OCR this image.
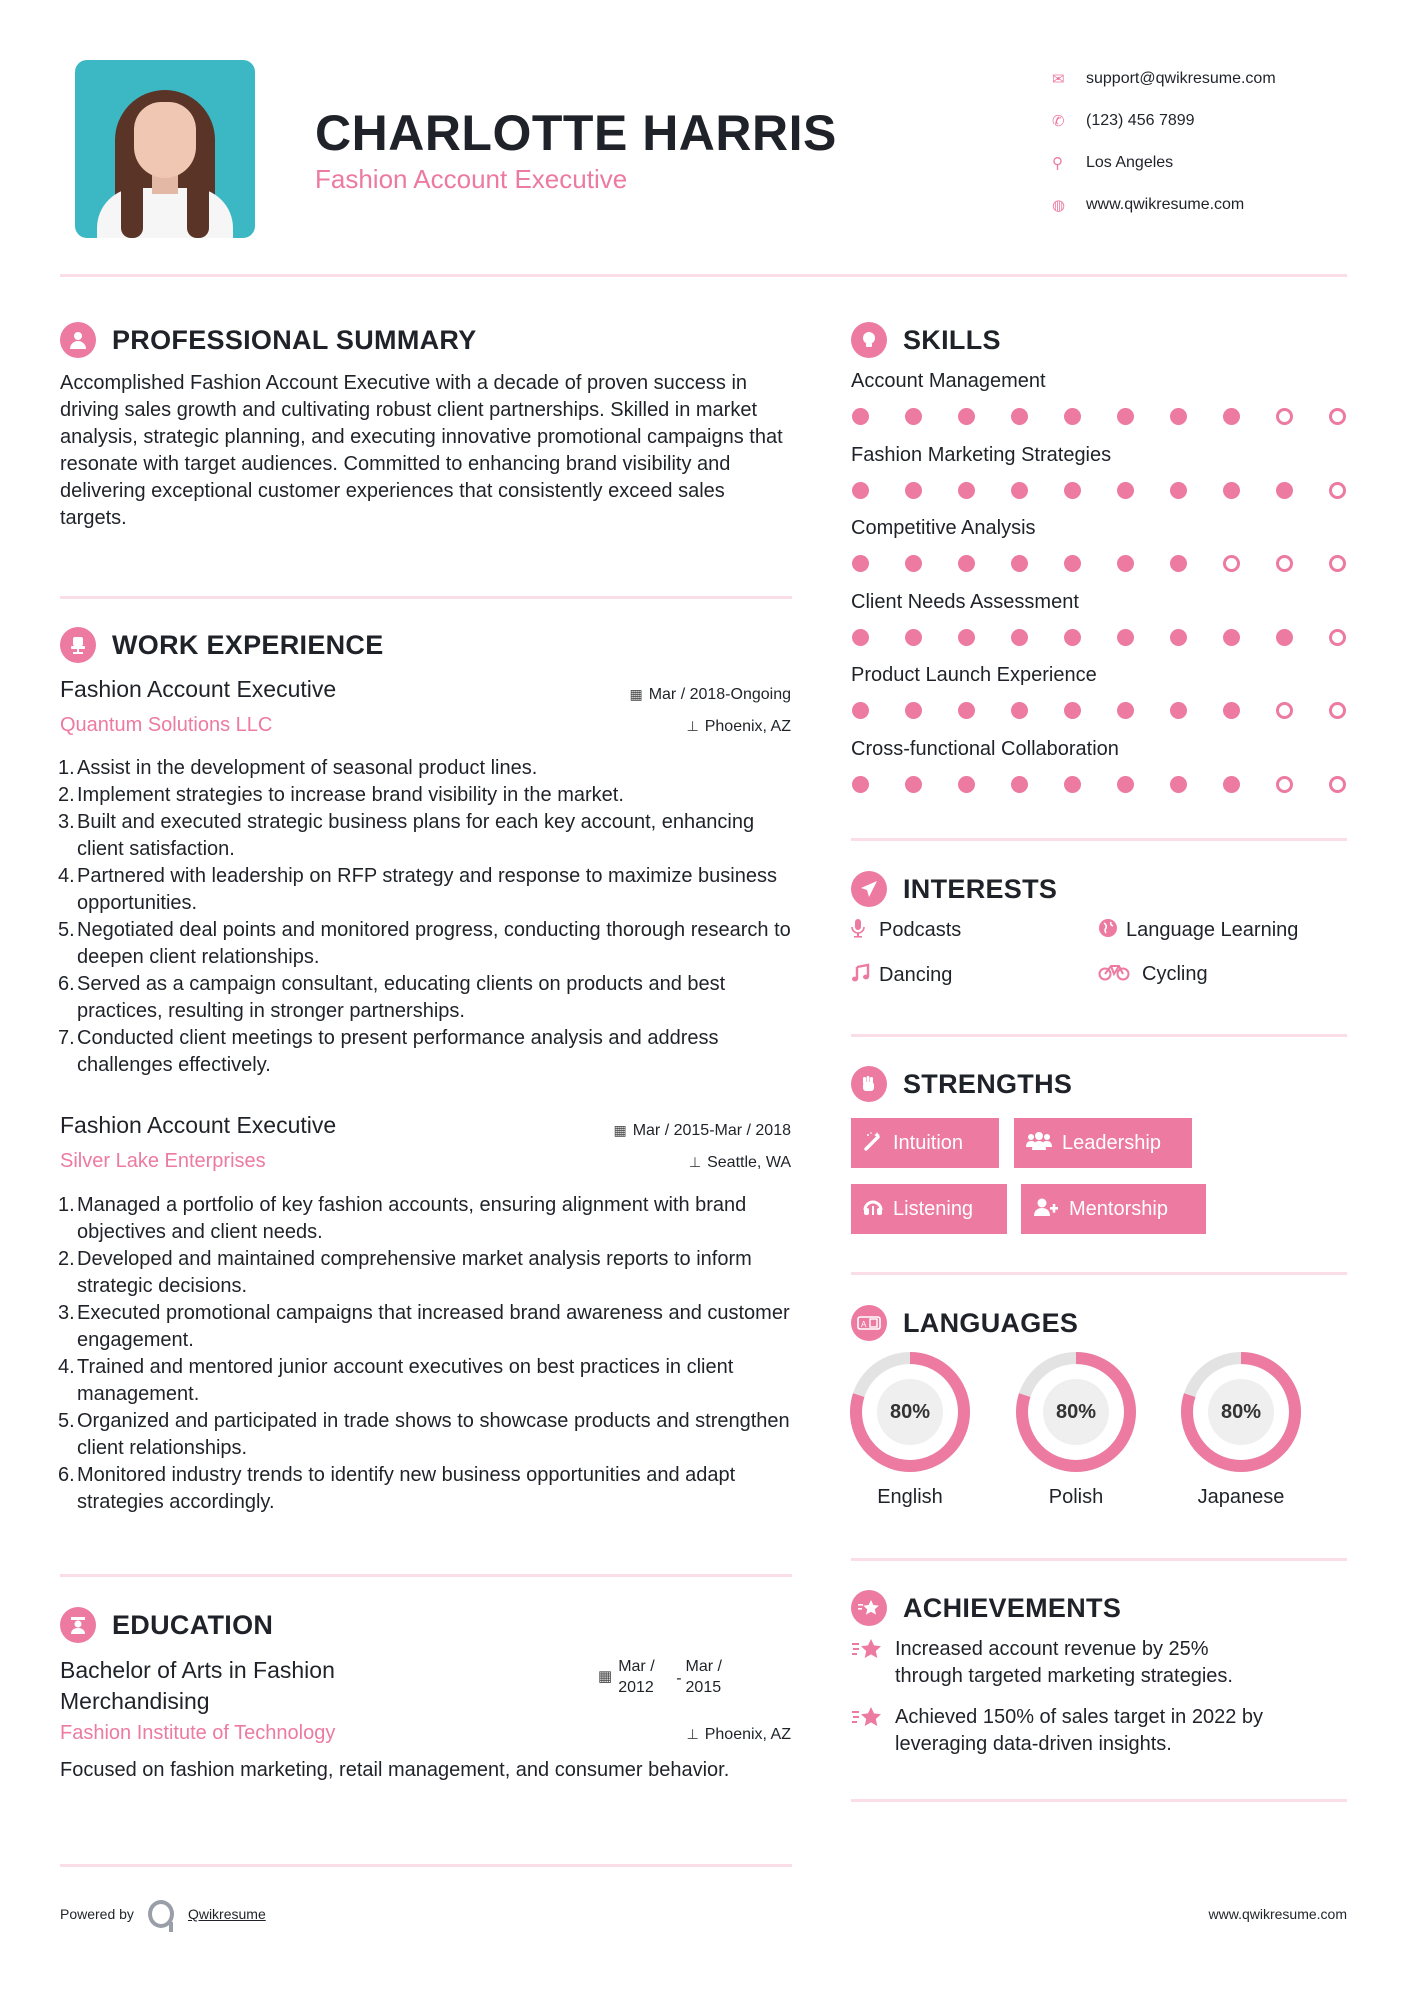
CHARLOTTE HARRIS
Fashion Account Executive
✉	support@qwikresume.com
✆	(123) 456 7899
⚲	Los Angeles
◍	www.qwikresume.com
PROFESSIONAL SUMMARY
Accomplished Fashion Account Executive with a decade of proven success in driving sales growth and cultivating robust client partnerships. Skilled in market analysis, strategic planning, and executing innovative promotional campaigns that resonate with target audiences. Committed to enhancing brand visibility and delivering exceptional customer experiences that consistently exceed sales targets.
WORK EXPERIENCE
Fashion Account Executive
Quantum Solutions LLC
▦ Mar / 2018-Ongoing
⊥ Phoenix, AZ
1. Assist in the development of seasonal product lines.
2. Implement strategies to increase brand visibility in the market.
3. Built and executed strategic business plans for each key account, enhancing client satisfaction.
4. Partnered with leadership on RFP strategy and response to maximize business opportunities.
5. Negotiated deal points and monitored progress, conducting thorough research to deepen client relationships.
6. Served as a campaign consultant, educating clients on products and best practices, resulting in stronger partnerships.
7. Conducted client meetings to present performance analysis and address challenges effectively.
Fashion Account Executive
Silver Lake Enterprises
▦ Mar / 2015-Mar / 2018
⊥ Seattle, WA
1. Managed a portfolio of key fashion accounts, ensuring alignment with brand objectives and client needs.
2. Developed and maintained comprehensive market analysis reports to inform strategic decisions.
3. Executed promotional campaigns that increased brand awareness and customer engagement.
4. Trained and mentored junior account executives on best practices in client management.
5. Organized and participated in trade shows to showcase products and strengthen client relationships.
6. Monitored industry trends to identify new business opportunities and adapt strategies accordingly.
EDUCATION
Bachelor of Arts in Fashion
Merchandising
▦
Mar /
2012
-
Mar /
2015
Fashion Institute of Technology	⊥ Phoenix, AZ
Focused on fashion marketing, retail management, and consumer behavior.
SKILLS
Account Management
Fashion Marketing Strategies
Competitive Analysis
Client Needs Assessment
Product Launch Experience
Cross-functional Collaboration
INTERESTS
Podcasts	Language Learning
Dancing	Cycling
STRENGTHS
Intuition	Leadership
Listening	Mentorship
A LANGUAGES
80%
English
80%
Polish
80%
Japanese
ACHIEVEMENTS
Increased account revenue by 25%
through targeted marketing strategies.
Achieved 150% of sales target in 2022 by
leveraging data-driven insights.
Powered by	Qwikresume	www.qwikresume.com
